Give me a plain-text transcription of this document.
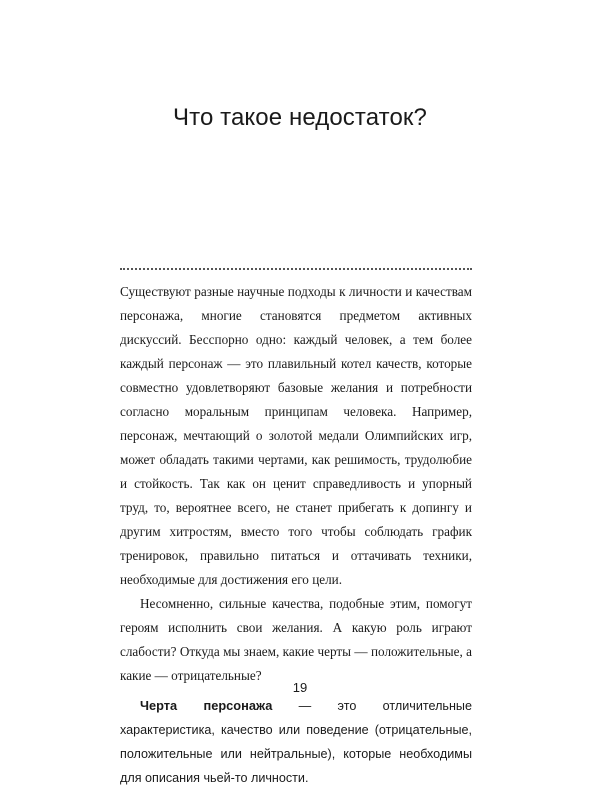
Что такое недостаток?

Существуют разные научные подходы к личности и качествам персонажа, многие становятся предметом активных дискуссий. Бесспорно одно: каждый человек, а тем более каждый персонаж — это плавильный котел качеств, которые совместно удовлетворяют базовые желания и потребности согласно моральным принципам человека. Например, персонаж, мечтающий о золотой медали Олимпийских игр, может обладать такими чертами, как решимость, трудолюбие и стойкость. Так как он ценит справедливость и упорный труд, то, вероятнее всего, не станет прибегать к допингу и другим хитростям, вместо того чтобы соблюдать график тренировок, правильно питаться и оттачивать техники, необходимые для достижения его цели.

Несомненно, сильные качества, подобные этим, помогут героям исполнить свои желания. А какую роль играют слабости? Откуда мы знаем, какие черты — положительные, а какие — отрицательные?

Черта персонажа — это отличительные характеристика, качество или поведение (отрицательные, положительные или нейтральные), которые необходимы для описания чьей-то личности.

19
